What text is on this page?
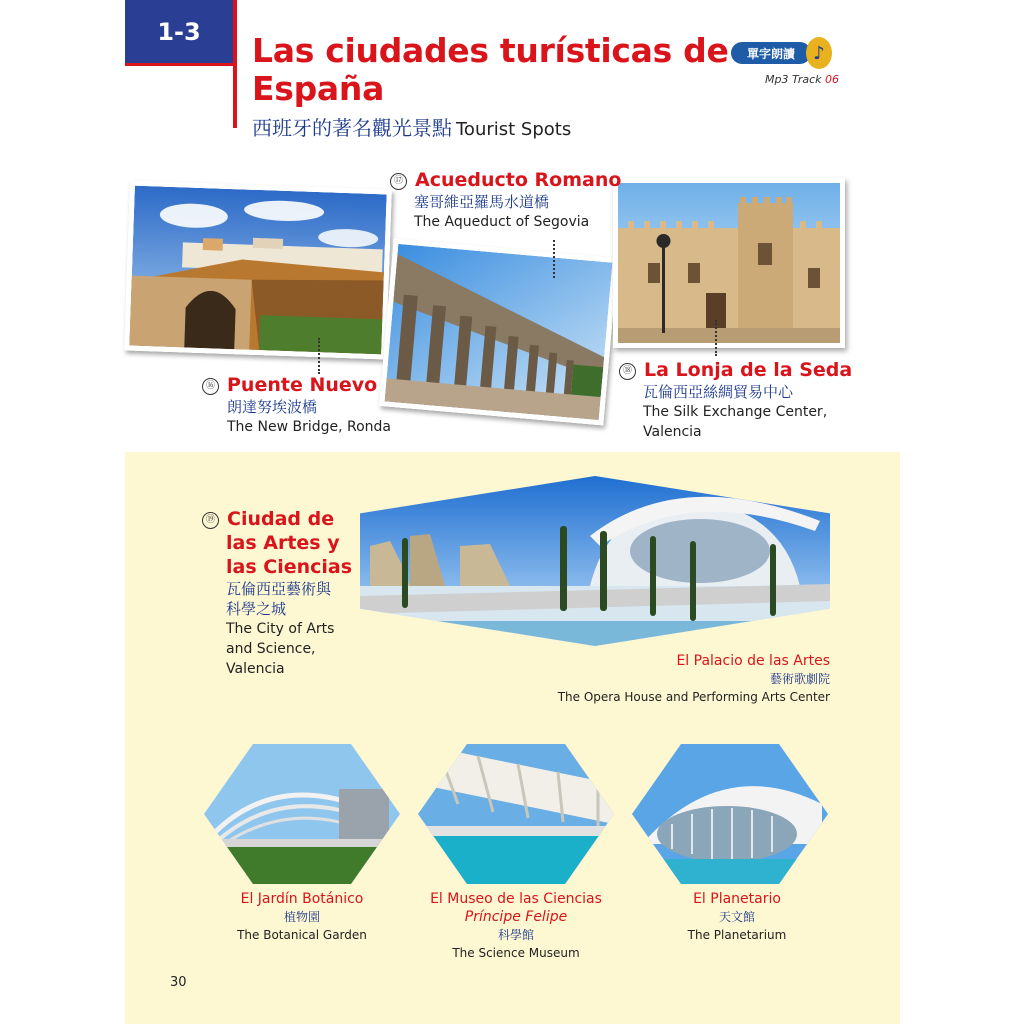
1-3	Las ciudades turísticas de
España
西班牙的著名觀光景點 Tourist Spots
單字朗讀	♪
Mp3 Track 06
⑯ Puente Nuevo
朗達努埃波橋
The New Bridge, Ronda
⑰ Acueducto Romano
塞哥維亞羅馬水道橋
The Aqueduct of Segovia
⑱ La Lonja de la Seda
瓦倫西亞絲綢貿易中心
The Silk Exchange Center,
Valencia
⑲ Ciudad de
las Artes y
las Ciencias
瓦倫西亞藝術與
科學之城
The City of Arts
and Science,
Valencia	El Palacio de las Artes
藝術歌劇院
The Opera House and Performing Arts Center
El Jardín Botánico
植物園
The Botanical Garden
El Museo de las Ciencias
Príncipe Felipe
科學館
The Science Museum
El Planetario
天文館
The Planetarium
30
